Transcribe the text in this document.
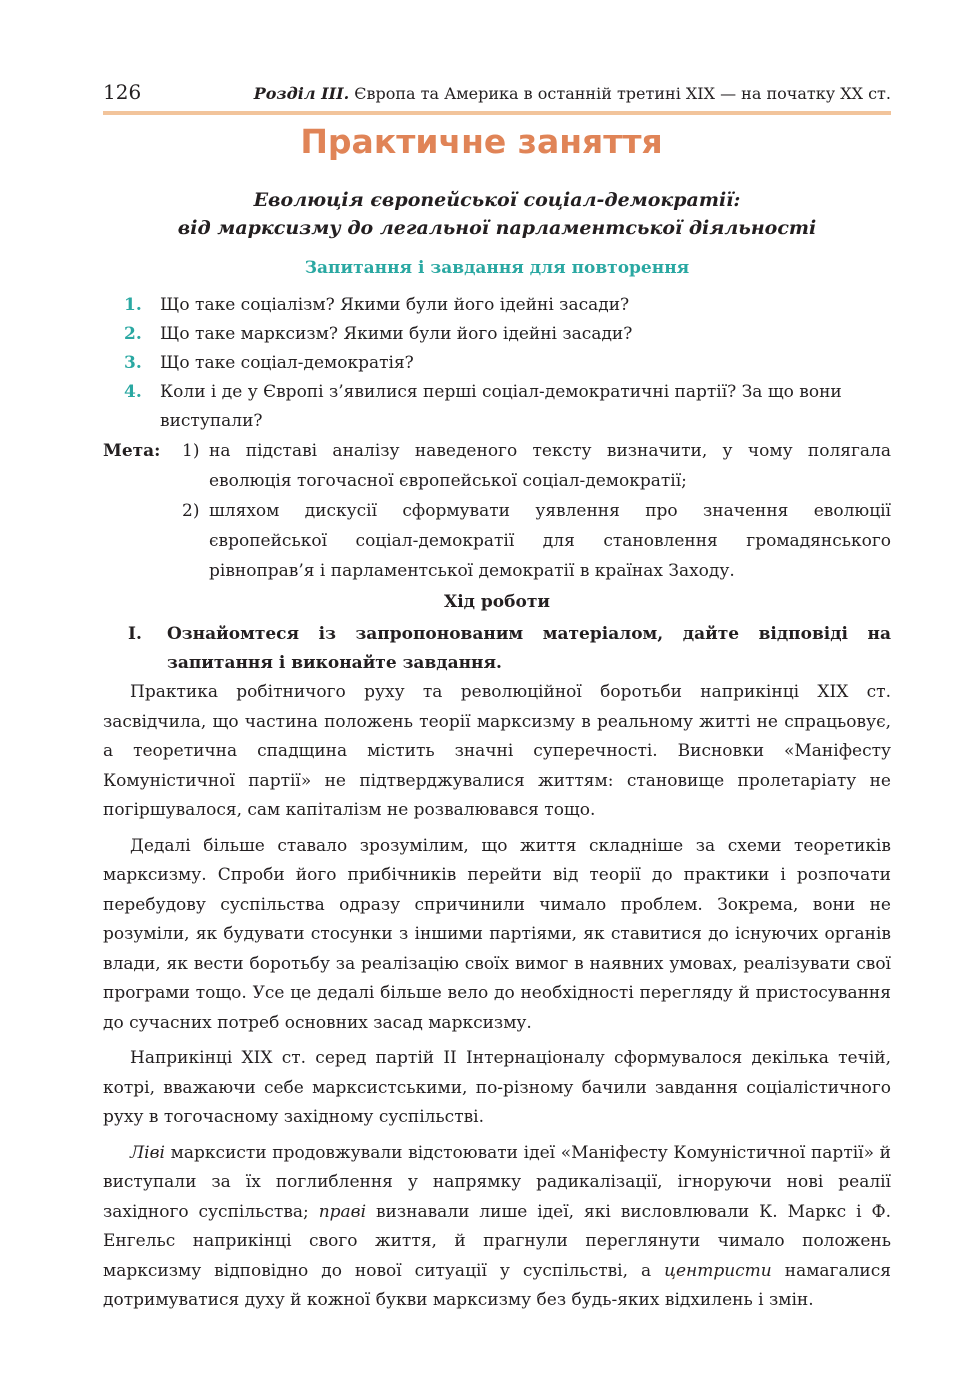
126	Розділ ІІІ. Європа та Америка в останній третині ХІХ — на початку ХХ ст.
Практичне заняття
Еволюція європейської соціал-демократії:
від марксизму до легальної парламентської діяльності
Запитання і завдання для повторення
1. Що таке соціалізм? Якими були його ідейні засади?
2. Що таке марксизм? Якими були його ідейні засади?
3. Що таке соціал-демократія?
4. Коли і де у Європі з’явилися перші соціал-демократичні партії? За що вони виступали?
Мета: 1) на підставі аналізу наведеного тексту визначити, у чому полягала еволюція тогочасної європейської соціал-демократії;
2) шляхом дискусії сформувати уявлення про значення еволюції європейської соціал-демократії для становлення громадянського рівноправ’я і парламентської демократії в країнах Заходу.
Хід роботи
I.	Ознайомтеся із запропонованим матеріалом, дайте відповіді на запитання і виконайте завдання.

Практика робітничого руху та революційної боротьби наприкінці ХІХ ст. засвідчила, що частина положень теорії марксизму в реальному житті не спрацьовує, а теоретична спадщина містить значні суперечності. Висновки «Маніфесту Комуністичної партії» не підтверджувалися життям: становище пролетаріату не погіршувалося, сам капіталізм не розвалювався тощо.

Дедалі більше ставало зрозумілим, що життя складніше за схеми теоретиків марксизму. Спроби його прибічників перейти від теорії до практики і розпочати перебудову суспільства одразу спричинили чимало проблем. Зокрема, вони не розуміли, як будувати стосунки з іншими партіями, як ставитися до існуючих органів влади, як вести боротьбу за реалізацію своїх вимог в наявних умовах, реалізувати свої програми тощо. Усе це дедалі більше вело до необхідності перегляду й пристосування до сучасних потреб основних засад марксизму.

Наприкінці ХІХ ст. серед партій ІІ Інтернаціоналу сформувалося декілька течій, котрі, вважаючи себе марксистськими, по-різному бачили завдання соціалістичного руху в тогочасному західному суспільстві.

Ліві марксисти продовжували відстоювати ідеї «Маніфесту Комуністичної партії» й виступали за їх поглиблення у напрямку радикалізації, ігноруючи нові реалії західного суспільства; праві визнавали лише ідеї, які висловлювали К. Маркс і Ф. Енгельс наприкінці свого життя, й прагнули переглянути чимало положень марксизму відповідно до нової ситуації у суспільстві, а центристи намагалися дотримуватися духу й кожної букви марксизму без будь-яких відхилень і змін.
